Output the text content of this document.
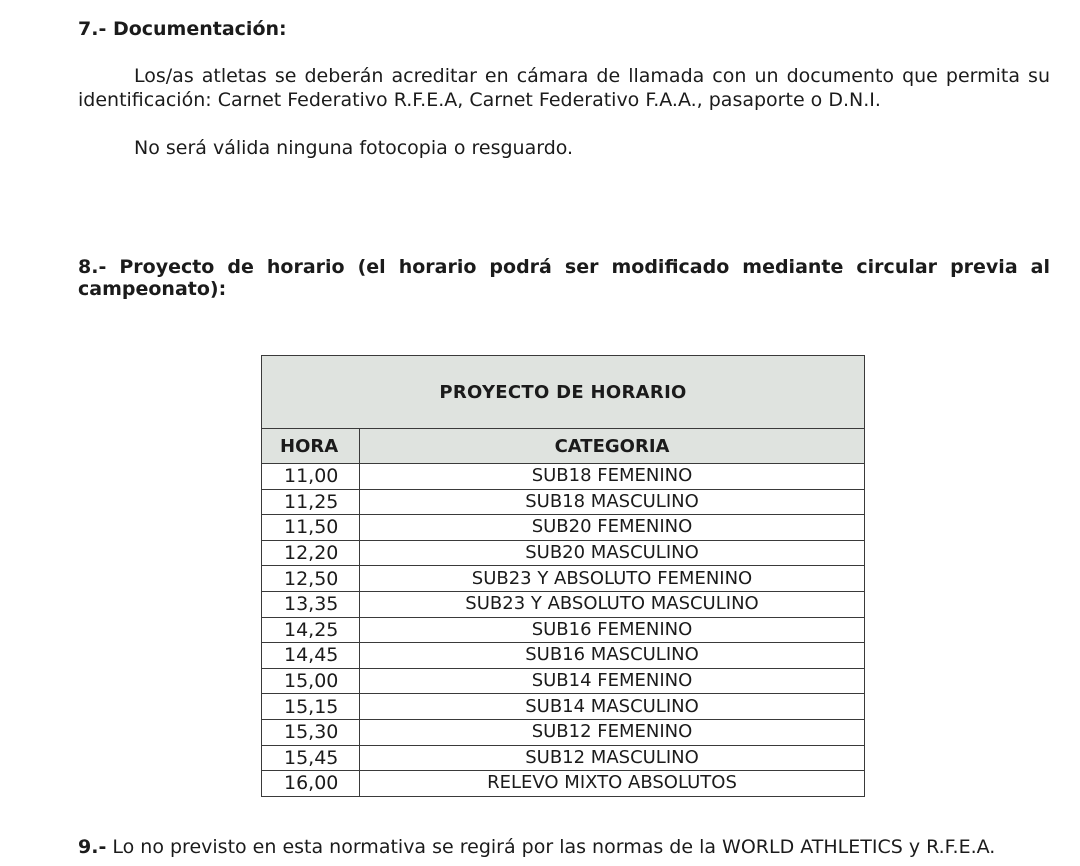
7.- Documentación:

Los/as atletas se deberán acreditar en cámara de llamada con un documento que permita su identificación: Carnet Federativo R.F.E.A, Carnet Federativo F.A.A., pasaporte o D.N.I.

No será válida ninguna fotocopia o resguardo.

8.- Proyecto de horario (el horario podrá ser modificado mediante circular previa al campeonato):
PROYECTO DE HORARIO	
HORA	CATEGORIA
11,00	SUB18 FEMENINO
11,25	SUB18 MASCULINO
11,50	SUB20 FEMENINO
12,20	SUB20 MASCULINO
12,50	SUB23 Y ABSOLUTO FEMENINO
13,35	SUB23 Y ABSOLUTO MASCULINO
14,25	SUB16 FEMENINO
14,45	SUB16 MASCULINO
15,00	SUB14 FEMENINO
15,15	SUB14 MASCULINO
15,30	SUB12 FEMENINO
15,45	SUB12 MASCULINO
16,00	RELEVO MIXTO ABSOLUTOS

9.- Lo no previsto en esta normativa se regirá por las normas de la WORLD ATHLETICS y R.F.E.A.
